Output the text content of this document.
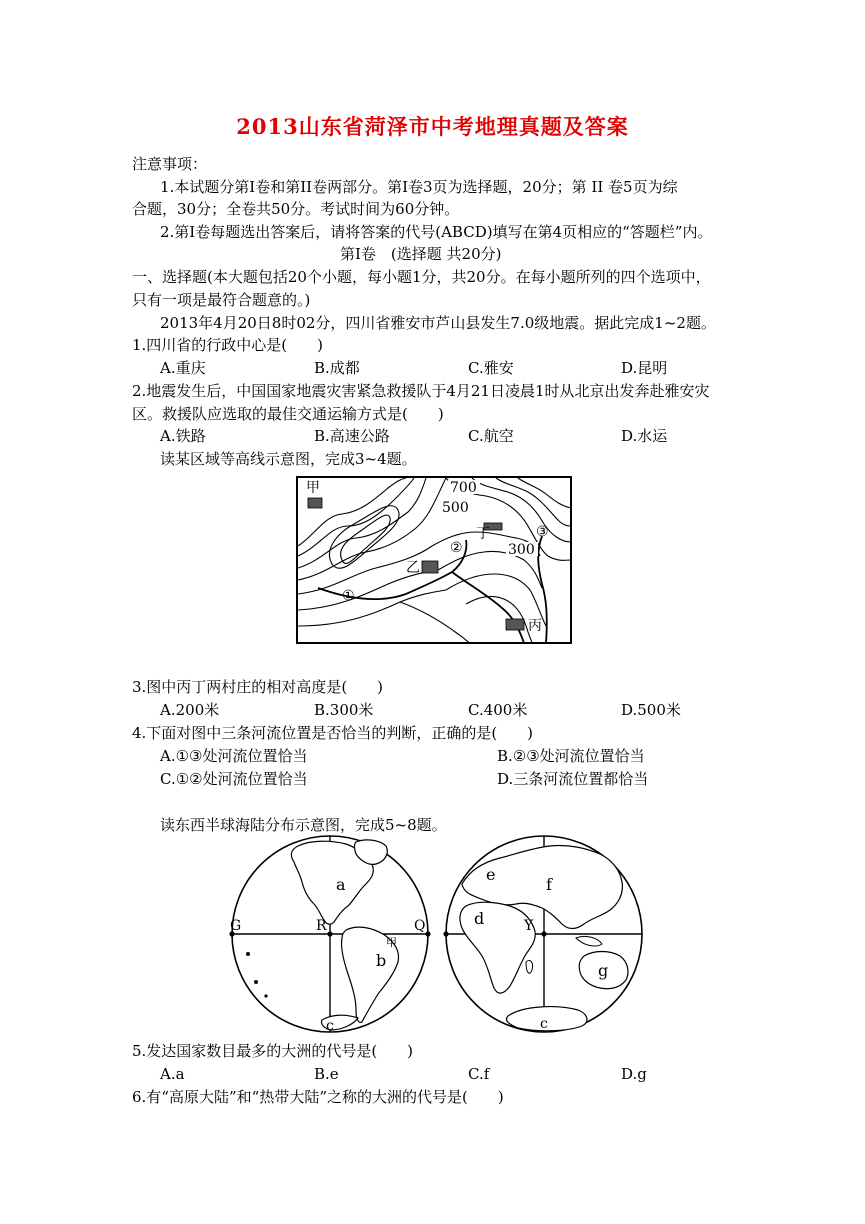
2013山东省菏泽市中考地理真题及答案
注意事项：
1.本试题分第Ⅰ卷和第II卷两部分。第Ⅰ卷3页为选择题，20分；第 II 卷5页为综
合题，30分；全卷共50分。考试时间为60分钟。
2.第Ⅰ卷每题选出答案后，请将答案的代号(ABCD)填写在第4页相应的“答题栏”内。
第Ⅰ卷　(选择题 共20分)
一、选择题(本大题包括20个小题，每小题1分，共20分。在每小题所列的四个选项中，
只有一项是最符合题意的。)
2013年4月20日8时02分，四川省雅安市芦山县发生7.0级地震。据此完成1~2题。
1.四川省的行政中心是(　　)
A.重庆	B.成都	C.雅安	D.昆明
2.地震发生后，中国国家地震灾害紧急救援队于4月21日凌晨1时从北京出发奔赴雅安灾
区。救援队应选取的最佳交通运输方式是(　　)
A.铁路	B.高速公路	C.航空	D.水运
读某区域等高线示意图，完成3~4题。
甲
乙
丁
丙
700
500
300
①
②
③
3.图中丙丁两村庄的相对高度是(　　)
A.200米	B.300米	C.400米	D.500米
4.下面对图中三条河流位置是否恰当的判断，正确的是(　　)
A.①③处河流位置恰当	B.②③处河流位置恰当
C.①②处河流位置恰当	D.三条河流位置都恰当
读东西半球海陆分布示意图，完成5~8题。
G	R	Q	Y
a
b
c	c
d
e
f
g
甲
5.发达国家数目最多的大洲的代号是(　　)
A.a	B.e	C.f	D.g
6.有“高原大陆”和“热带大陆”之称的大洲的代号是(　　)
